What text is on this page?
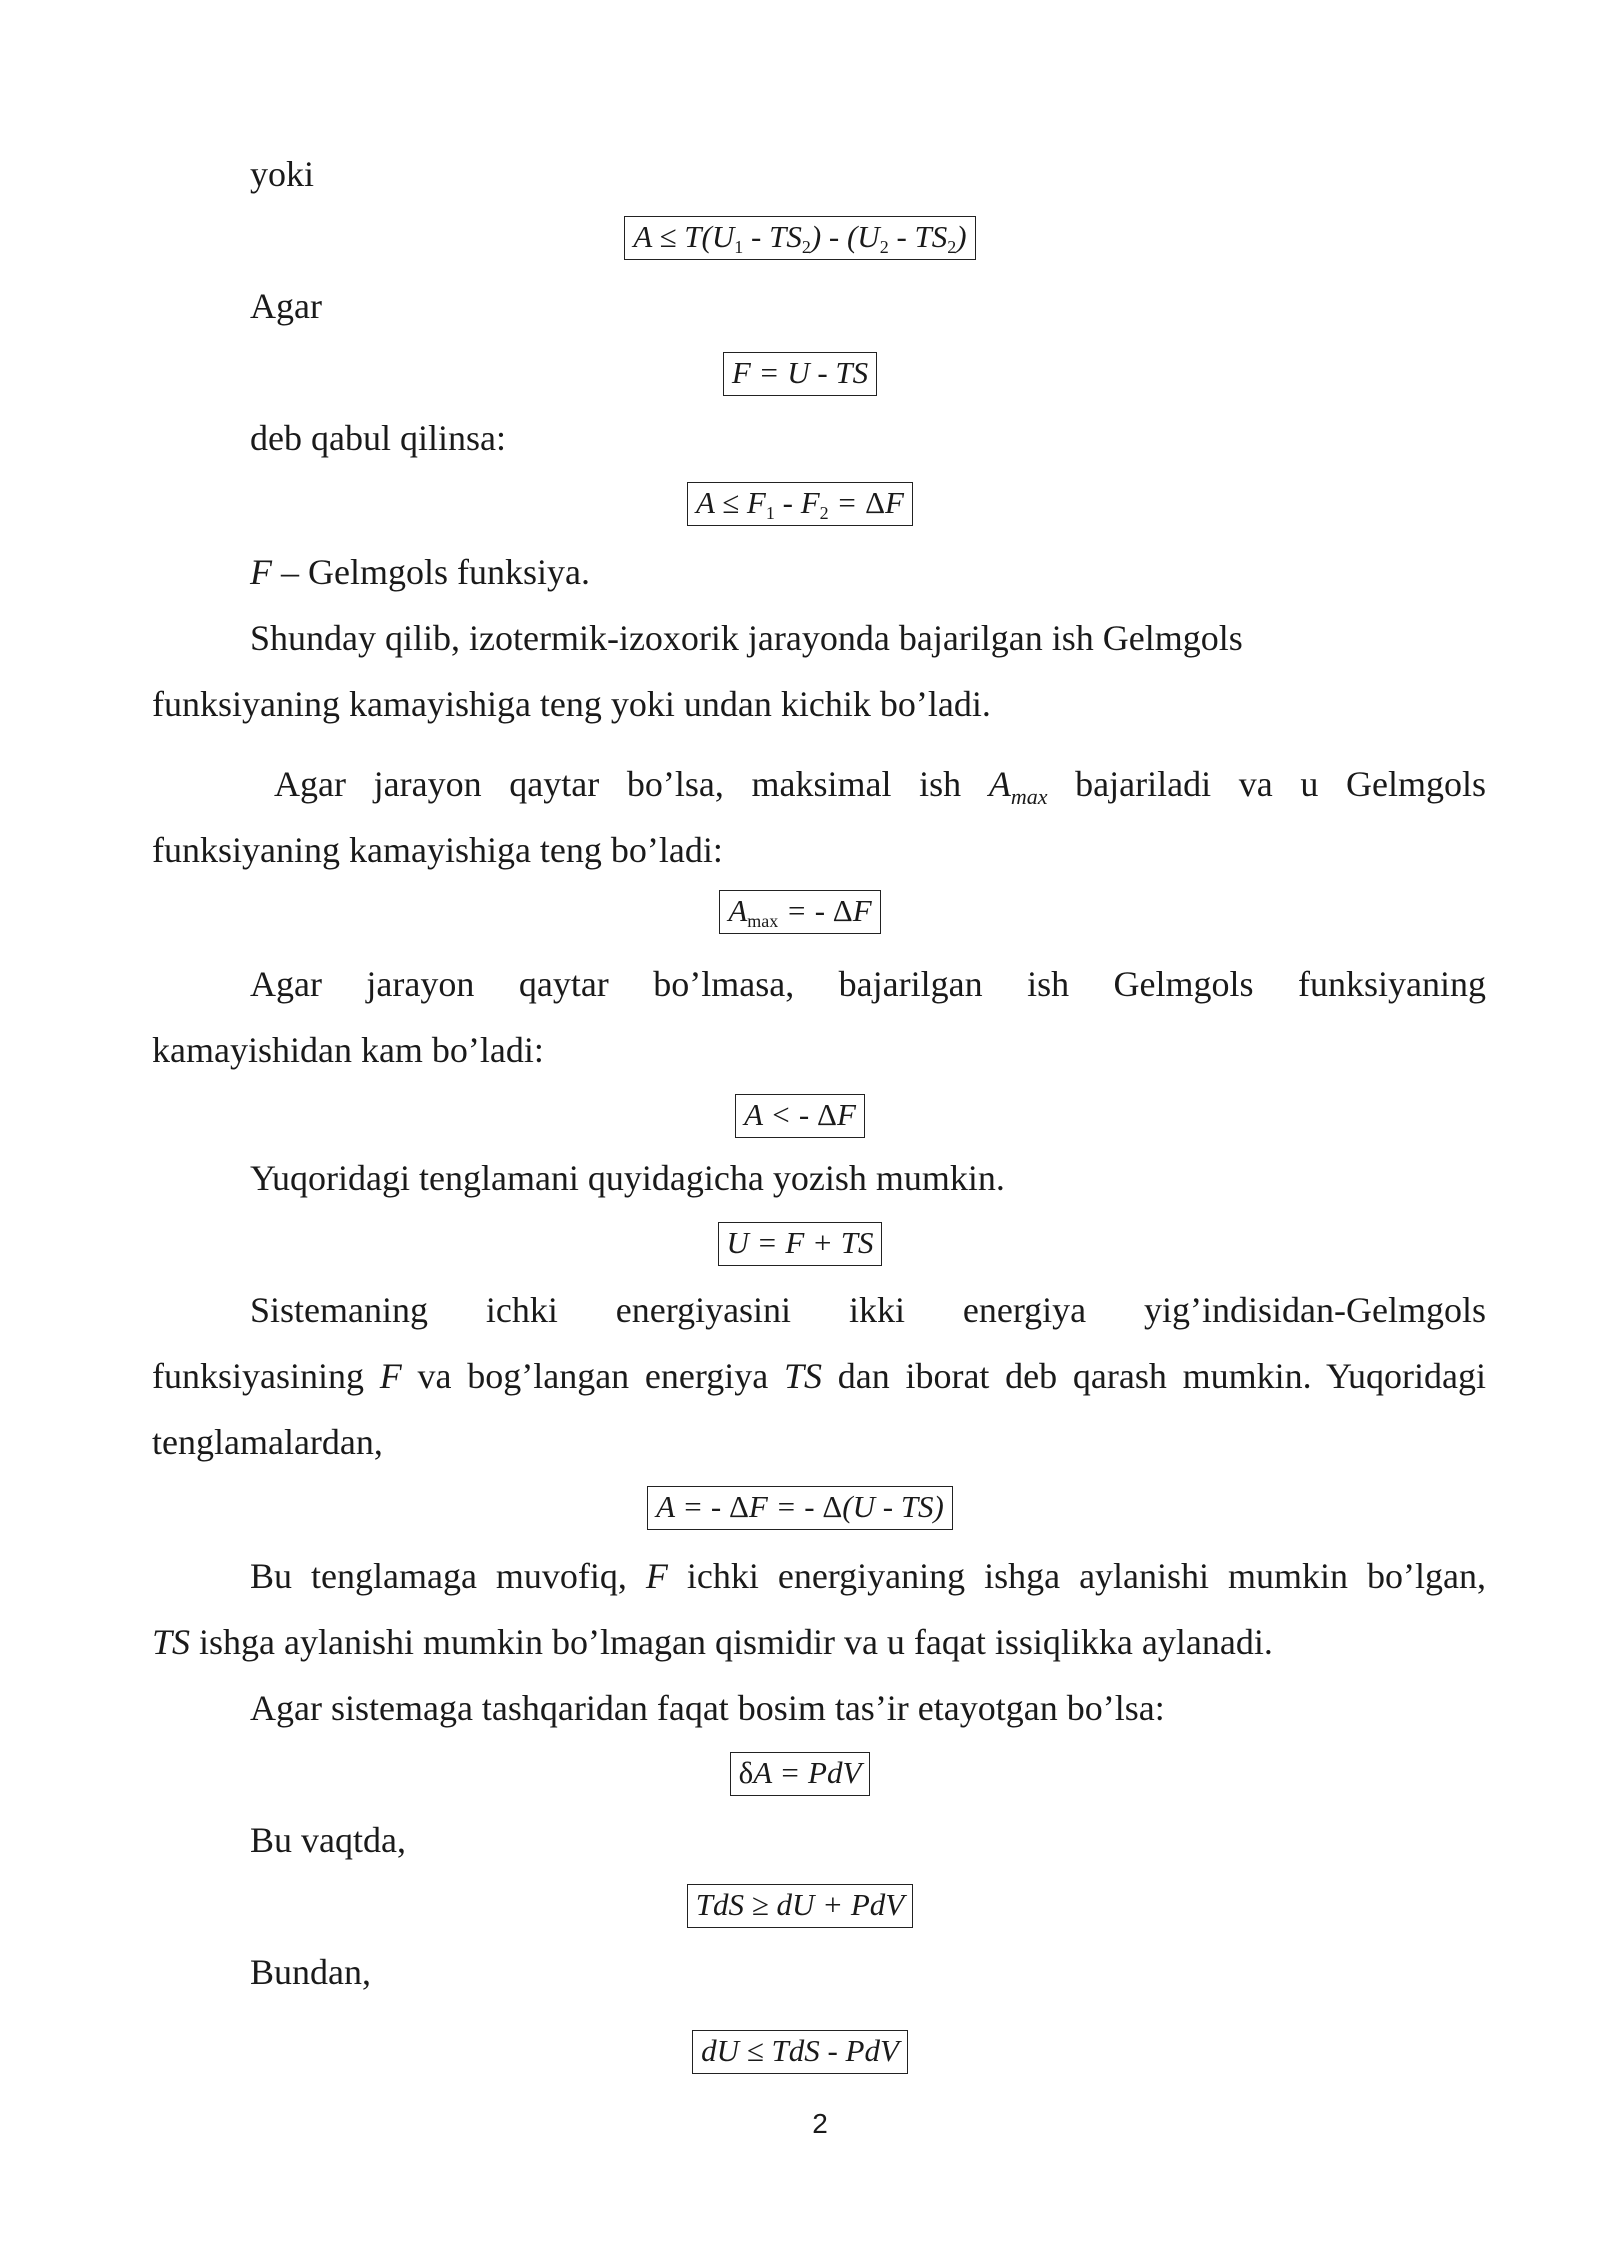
yoki
$A \le T(U_1 - TS_2) - (U_2 - TS_2)$
Agar
F = U - TS
deb qabul qilinsa:
$A \le F_1 - F_2 = \Delta F$
F – Gelmgols funksiya.
Shunday qilib, izotermik-izoxorik jarayonda bajarilgan ish Gelmgols
funksiyaning kamayishiga teng yoki undan kichik bo’ladi.
Agar jarayon qaytar bo’lsa, maksimal ish $A_{max}$ bajariladi va u Gelmgols
funksiyaning kamayishiga teng bo’ladi:
$A_{max}$ = - ΔF
Agar jarayon qaytar bo’lmasa, bajarilgan ish Gelmgols funksiyaning
kamayishidan kam bo’ladi:
A < - ΔF
Yuqoridagi tenglamani quyidagicha yozish mumkin.
U = F + TS
Sistemaning ichki energiyasini ikki energiya yig’indisidan-Gelmgols
funksiyasining F va bog’langan energiya TS dan iborat deb qarash mumkin. Yuqoridagi
tenglamalardan,
A = - ΔF = - Δ(U - TS)
Bu tenglamaga muvofiq, F ichki energiyaning ishga aylanishi mumkin bo’lgan,
TS ishga aylanishi mumkin bo’lmagan qismidir va u faqat issiqlikka aylanadi.
Agar sistemaga tashqaridan faqat bosim tas’ir etayotgan bo’lsa:
δA = PdV
Bu vaqtda,
TdS ≥ dU + PdV
Bundan,
dU ≤ TdS - PdV
2
